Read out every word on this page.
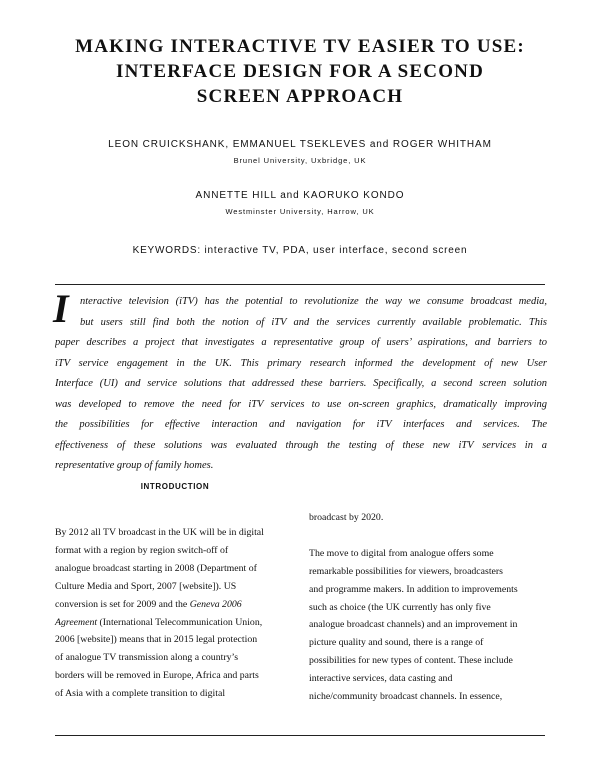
MAKING INTERACTIVE TV EASIER TO USE:
INTERFACE DESIGN FOR A SECOND
SCREEN APPROACH
LEON CRUICKSHANK, EMMANUEL TSEKLEVES and ROGER WHITHAM
Brunel University, Uxbridge, UK
ANNETTE HILL and KAORUKO KONDO
Westminster University, Harrow, UK
KEYWORDS: interactive TV, PDA, user interface, second screen
I	nteractive television (iTV) has the potential to revolutionize the way we consume broadcast media,
but users still find both the notion of iTV and the services currently available problematic. This
paper describes a project that investigates a representative group of users’ aspirations, and barriers to
iTV service engagement in the UK. This primary research informed the development of new User
Interface (UI) and service solutions that addressed these barriers. Specifically, a second screen solution
was developed to remove the need for iTV services to use on-screen graphics, dramatically improving
the possibilities for effective interaction and navigation for iTV interfaces and services. The
effectiveness of these solutions was evaluated through the testing of these new iTV services in a
representative group of family homes.
INTRODUCTION
By 2012 all TV broadcast in the UK will be in digital
format with a region by region switch-off of
analogue broadcast starting in 2008 (Department of
Culture Media and Sport, 2007 [website]). US
conversion is set for 2009 and the Geneva 2006
Agreement (International Telecommunication Union,
2006 [website]) means that in 2015 legal protection
of analogue TV transmission along a country’s
borders will be removed in Europe, Africa and parts
of Asia with a complete transition to digital
broadcast by 2020.
The move to digital from analogue offers some
remarkable possibilities for viewers, broadcasters
and programme makers. In addition to improvements
such as choice (the UK currently has only five
analogue broadcast channels) and an improvement in
picture quality and sound, there is a range of
possibilities for new types of content. These include
interactive services, data casting and
niche/community broadcast channels. In essence,
